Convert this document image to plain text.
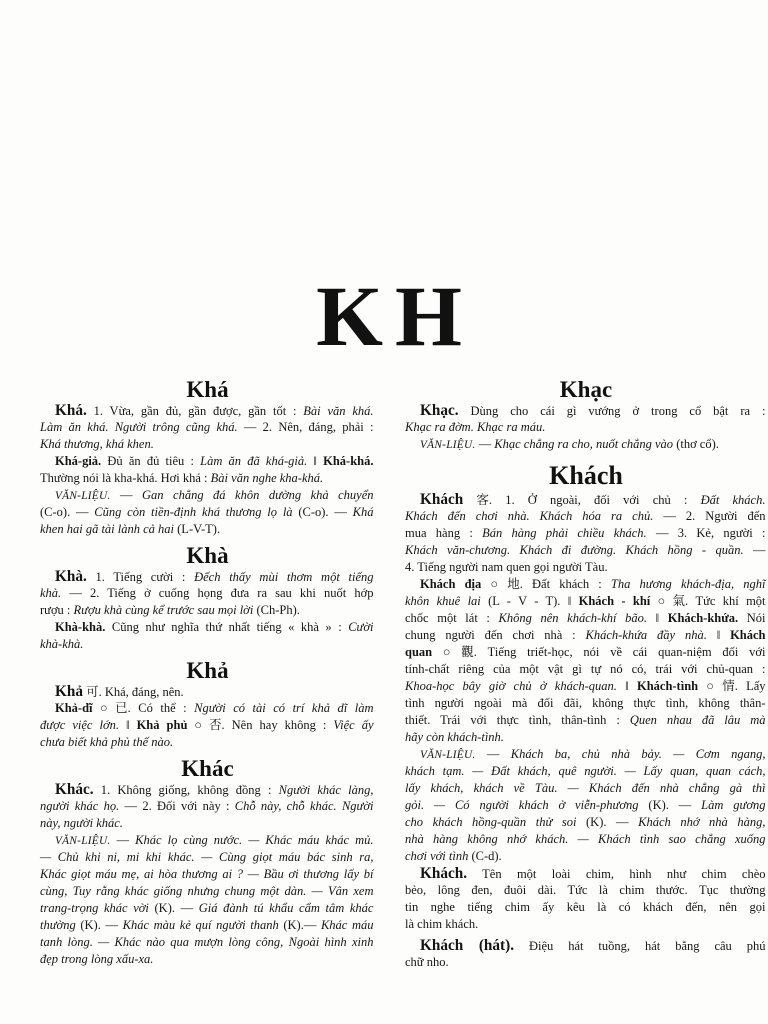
KH
Khá
Khá. 1. Vừa, gần đủ, gần được, gần tốt : Bài văn khá.
Làm ăn khá. Người trông cũng khá. — 2. Nên, đáng, phải :
Khá thương, khá khen.
Khá-giả. Đủ ăn đủ tiêu : Làm ăn đã khá-giả. ‖ Khá-khá.
Thường nói là kha-khá. Hơi khá : Bài văn nghe kha-khá.
VĂN-LIỆU. — Gan chẳng đá khôn dường khả chuyển
(C-o). — Cũng còn tiền-định khá thương lọ là (C-o). — Khá
khen hai gã tài lành cả hai (L-V-T).
Khà
Khà. 1. Tiếng cười : Đếch thấy mùi thơm một tiếng
khà. — 2. Tiếng ở cuống họng đưa ra sau khi nuốt hớp
rượu : Rượu khà cùng kể trước sau mọi lời (Ch-Ph).
Khà-khà. Cũng như nghĩa thứ nhất tiếng « khà » : Cười
khà-khà.
Khả
Khả 可. Khá, đáng, nên.
Khả-dĩ ○ 已. Có thể : Người có tài có trí khả dĩ làm
được việc lớn. ‖ Khả phủ ○ 否. Nên hay không : Việc ấy
chưa biết khả phủ thế nào.
Khác
Khác. 1. Không giống, không đồng : Người khác làng,
người khác họ. — 2. Đối với này : Chỗ này, chỗ khác. Người
này, người khác.
VĂN-LIỆU. — Khác lọ cùng nước. — Khác máu khác mủ.
— Chủ khi ni, mi khi khác. — Cùng giọt máu bác sinh ra,
Khác giọt máu mẹ, ai hòa thương ai ? — Bầu ơi thương lấy bí
cùng, Tuy rằng khác giống nhưng chung một dàn. — Vân xem
trang-trọng khác vời (K). — Giá đành tú khẩu cẩm tâm khác
thường (K). — Khác màu kẻ quí người thanh (K).— Khác máu
tanh lòng. — Khác nào qua mượn lòng công, Ngoài hình xinh
đẹp trong lòng xấu-xa.
Khạc
Khạc. Dùng cho cái gì vướng ở trong cổ bật ra :
Khạc ra đờm. Khạc ra máu.
VĂN-LIỆU. — Khạc chẳng ra cho, nuốt chẳng vào (thơ cổ).
Khách
Khách 客. 1. Ở ngoài, đối với chủ : Đất khách.
Khách đến chơi nhà. Khách hóa ra chủ. — 2. Người đến
mua hàng : Bán hàng phải chiều khách. — 3. Kẻ, người :
Khách văn-chương. Khách đi đường. Khách hồng - quần. —
4. Tiếng người nam quen gọi người Tàu.
Khách địa ○ 地. Đất khách : Tha hương khách-địa, nghĩ
khôn khuê lai (L - V - T). ‖ Khách - khí ○ 氣. Tức khí một
chốc một lát : Không nên khách-khí bão. ‖ Khách-khứa. Nói
chung người đến chơi nhà : Khách-khứa đầy nhà. ‖ Khách
quan ○ 觀. Tiếng triết-học, nói về cái quan-niệm đối với
tính-chất riêng của một vật gì tự nó có, trái với chủ-quan :
Khoa-học bây giờ chủ ở khách-quan. ‖ Khách-tình ○ 情. Lấy
tình người ngoài mà đối đãi, không thực tình, không thân-
thiết. Trái với thực tình, thân-tình : Quen nhau đã lâu mà
hãy còn khách-tình.
VĂN-LIỆU. — Khách ba, chủ nhà bảy. — Cơm ngang,
khách tạm. — Đất khách, quê người. — Lấy quan, quan cách,
lấy khách, khách về Tàu. — Khách đến nhà chẳng gà thì
gỏi. — Có người khách ở viễn-phương (K). — Làm gương
cho khách hồng-quần thử soi (K). — Khách nhớ nhà hàng,
nhà hàng không nhớ khách. — Khách tình sao chẳng xuống
chơi với tình (C-d).
Khách. Tên một loài chim, hình như chim chèo
bẻo, lông đen, đuôi dài. Tức là chim thước. Tục thường
tin nghe tiếng chim ấy kêu là có khách đến, nên gọi
là chim khách.
Khách (hát). Điệu hát tuồng, hát bằng câu phú
chữ nho.
